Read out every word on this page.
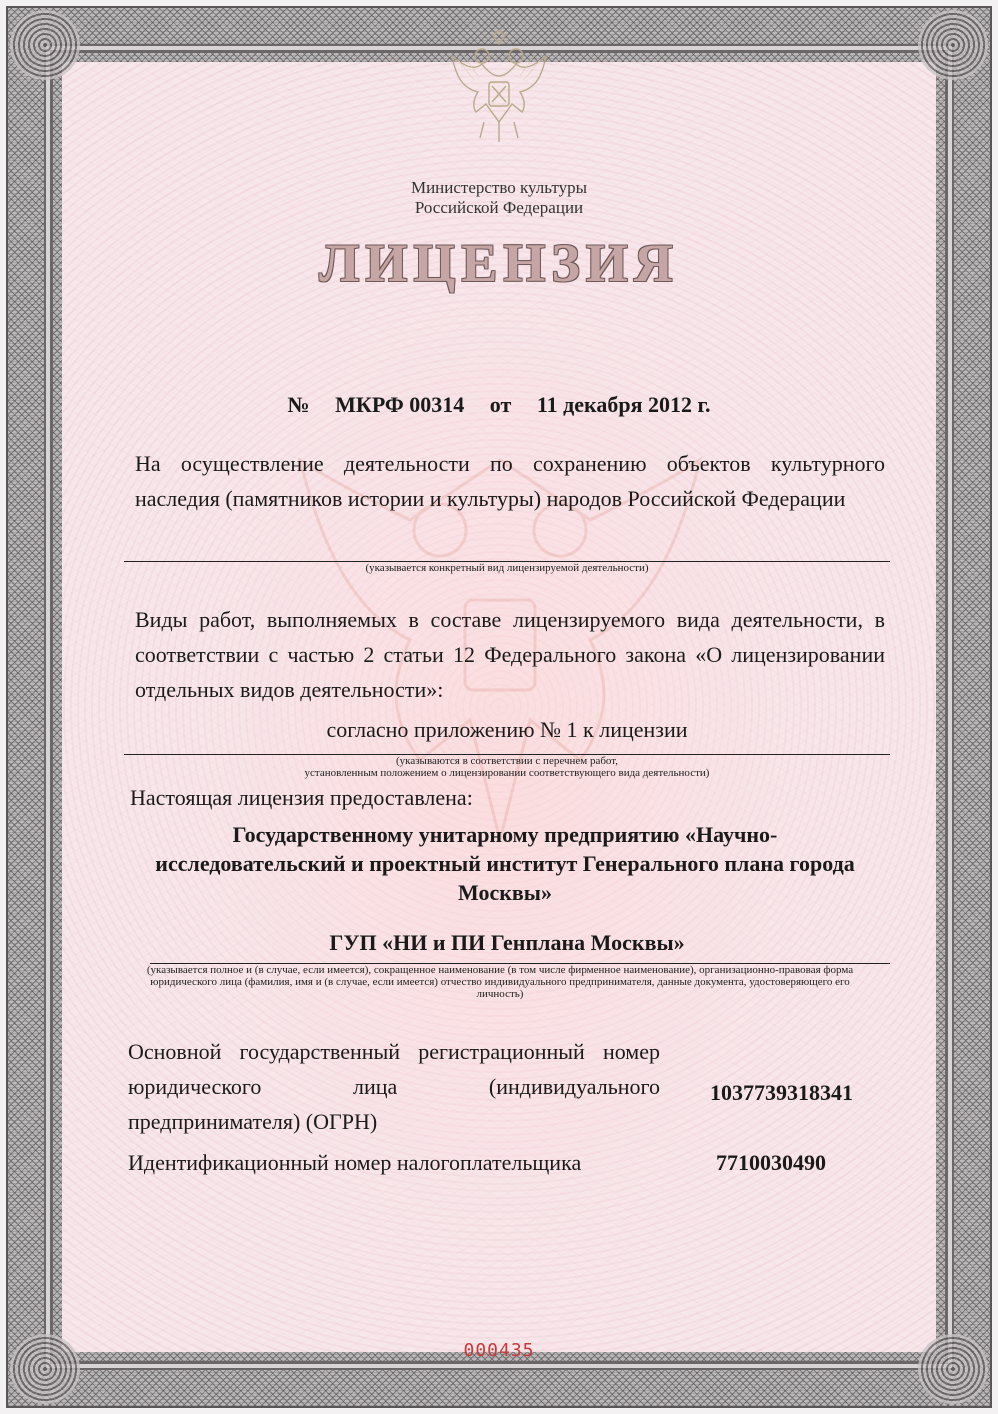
Министерство культуры
Российской Федерации
ЛИЦЕНЗИЯ
№ МКРФ 00314 от 11 декабря 2012 г.
На осуществление деятельности по сохранению объектов культурного наследия (памятников истории и культуры) народов Российской Федерации
(указывается конкретный вид лицензируемой деятельности)
Виды работ, выполняемых в составе лицензируемого вида деятельности, в соответствии с частью 2 статьи 12 Федерального закона «О лицензировании отдельных видов деятельности»:
согласно приложению № 1 к лицензии
(указываются в соответствии с перечнем работ,
установленным положением о лицензировании соответствующего вида деятельности)
Настоящая лицензия предоставлена:
Государственному унитарному предприятию «Научно-исследовательский и проектный институт Генерального плана города Москвы»
ГУП «НИ и ПИ Генплана Москвы»
(указывается полное и (в случае, если имеется), сокращенное наименование (в том числе фирменное наименование), организационно-правовая форма юридического лица (фамилия, имя и (в случае, если имеется) отчество индивидуального предпринимателя, данные документа, удостоверяющего его личность)
Основной государственный регистрационный номер юридического лица (индивидуального предпринимателя) (ОГРН)
1037739318341
Идентификационный номер налогоплательщика	7710030490
000435
